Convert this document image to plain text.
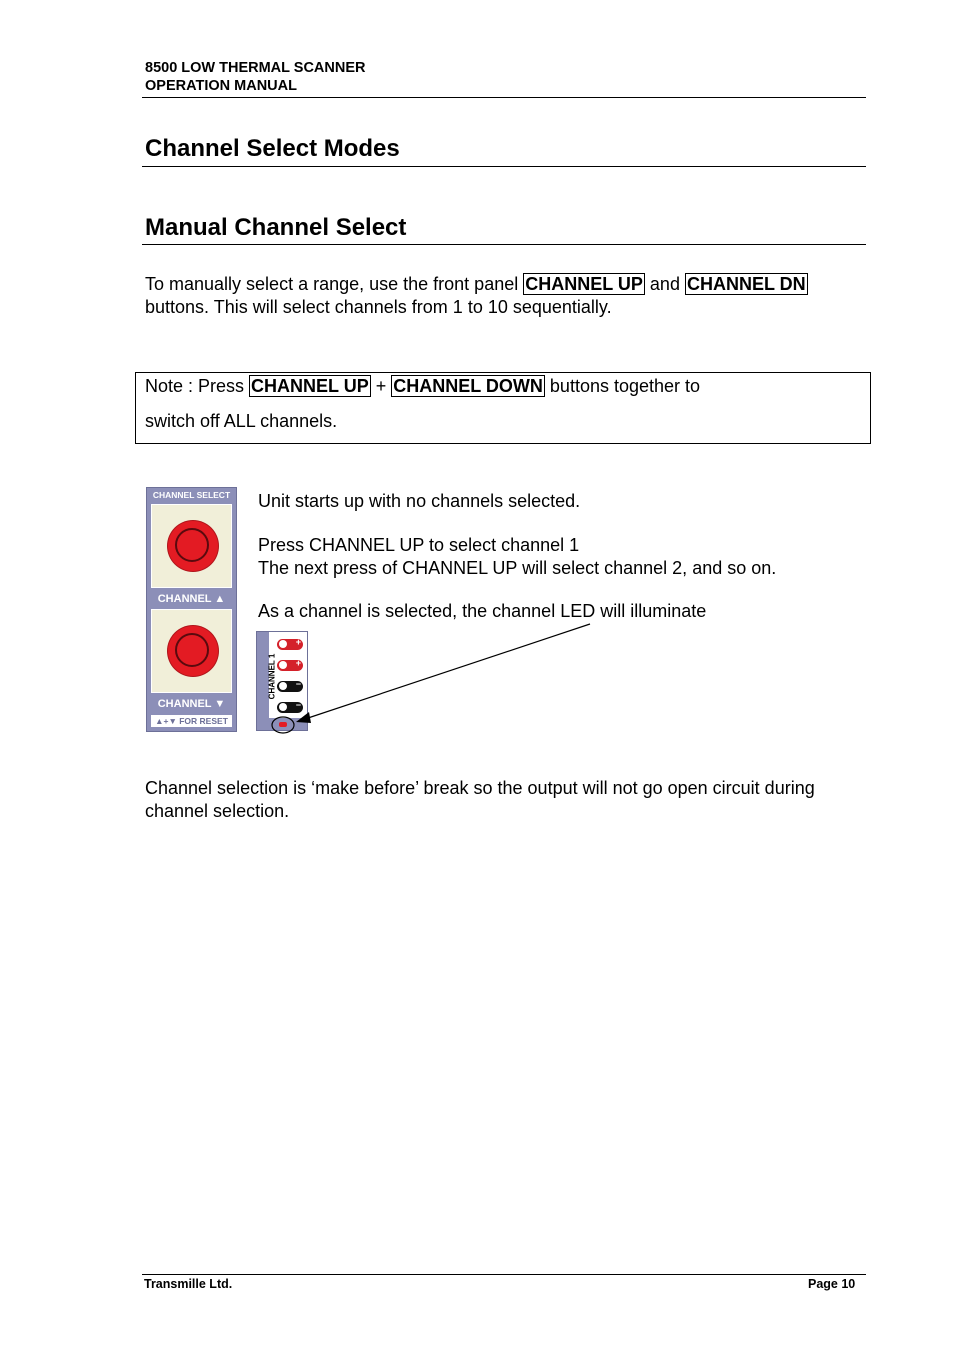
8500 LOW THERMAL SCANNER
OPERATION MANUAL
Channel Select Modes
Manual Channel Select
To manually select a range, use the front panel CHANNEL UP and CHANNEL DN
buttons. This will select channels from 1 to 10 sequentially.
Note : Press CHANNEL UP + CHANNEL DOWN buttons together to
switch off ALL channels.
CHANNEL SELECT
CHANNEL ▲
CHANNEL ▼
▲+▼ FOR RESET
CHANNEL 1
+
+
−
−
Unit starts up with no channels selected.
Press CHANNEL UP to select channel 1
The next press of CHANNEL UP will select channel 2, and so on.
As a channel is selected, the channel LED will illuminate
Channel selection is ‘make before’ break so the output will not go open circuit during
channel selection.
Transmille Ltd.	Page 10
